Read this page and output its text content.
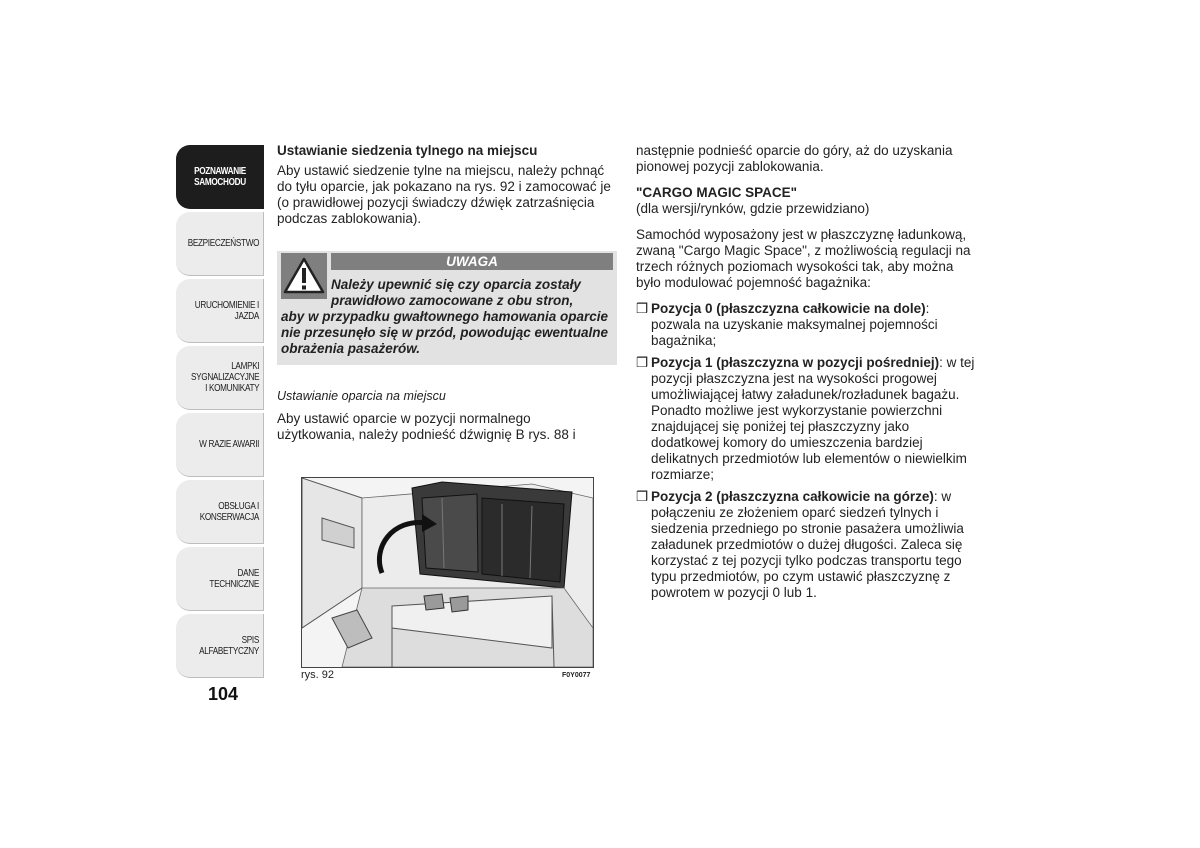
POZNAWANIE SAMOCHODU
BEZPIECZEŃSTWO
URUCHOMIENIE I JAZDA
LAMPKI SYGNALIZACYJNE I KOMUNIKATY
W RAZIE AWARII
OBSŁUGA I KONSERWACJA
DANE TECHNICZNE
SPIS ALFABETYCZNY
104
Ustawianie siedzenia tylnego na miejscu

Aby ustawić siedzenie tylne na miejscu, należy pchnąć do tyłu oparcie, jak pokazano na rys. 92 i zamocować je (o prawidłowej pozycji świadczy dźwięk zatrzaśnięcia podczas zablokowania).

UWAGA
Należy upewnić się czy oparcia zostały prawidłowo zamocowane z obu stron,
aby w przypadku gwałtownego hamowania oparcie nie przesunęło się w przód, powodując ewentualne obrażenia pasażerów.
Ustawianie oparcia na miejscu
Aby ustawić oparcie w pozycji normalnego użytkowania, należy podnieść dźwignię B rys. 88 i
rys. 92	F0Y0077

następnie podnieść oparcie do góry, aż do uzyskania pionowej pozycji zablokowania.

"CARGO MAGIC SPACE"

(dla wersji/rynków, gdzie przewidziano)

Samochód wyposażony jest w płaszczyznę ładunkową, zwaną "Cargo Magic Space", z możliwością regulacji na trzech różnych poziomach wysokości tak, aby można było modulować pojemność bagażnika:

❒ Pozycja 0 (płaszczyzna całkowicie na dole): pozwala na uzyskanie maksymalnej pojemności bagażnika;
❒ Pozycja 1 (płaszczyzna w pozycji pośredniej): w tej pozycji płaszczyzna jest na wysokości progowej umożliwiającej łatwy załadunek/rozładunek bagażu. Ponadto możliwe jest wykorzystanie powierzchni znajdującej się poniżej tej płaszczyzny jako dodatkowej komory do umieszczenia bardziej delikatnych przedmiotów lub elementów o niewielkim rozmiarze;
❒ Pozycja 2 (płaszczyzna całkowicie na górze): w połączeniu ze złożeniem oparć siedzeń tylnych i siedzenia przedniego po stronie pasażera umożliwia załadunek przedmiotów o dużej długości. Zaleca się korzystać z tej pozycji tylko podczas transportu tego typu przedmiotów, po czym ustawić płaszczyznę z powrotem w pozycji 0 lub 1.
